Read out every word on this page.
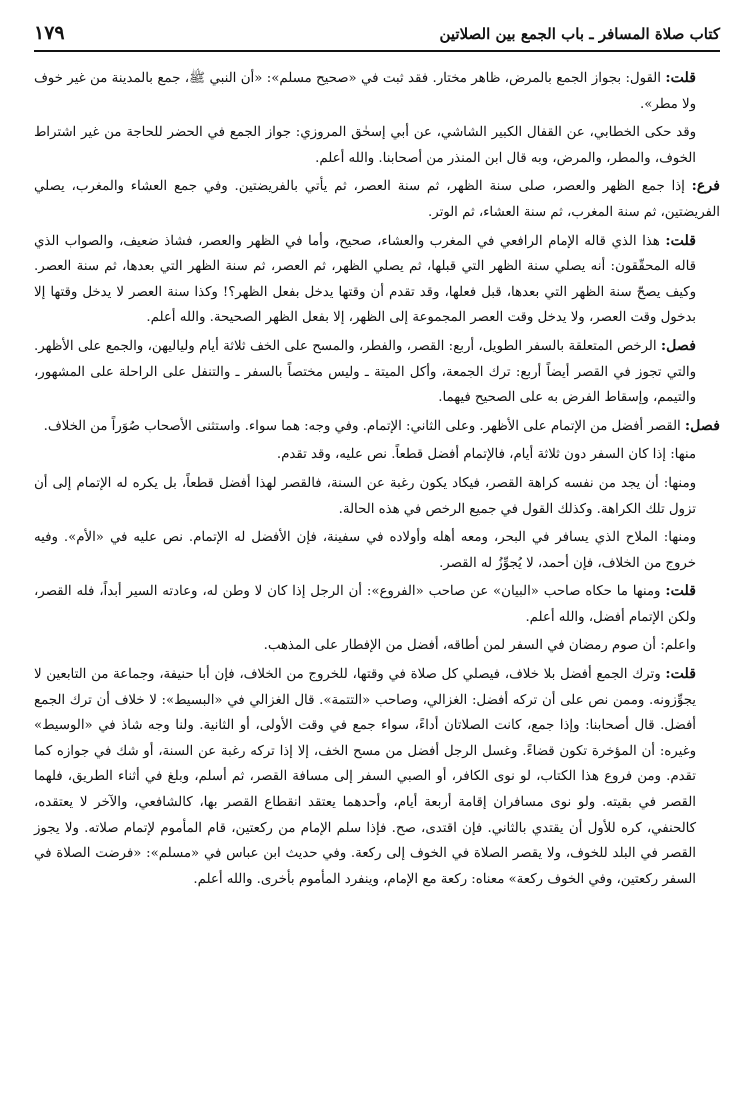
كتاب صلاة المسافر ـ باب الجمع بين الصلاتين
١٧٩

قلت: القول: بجواز الجمع بالمرض، ظاهر مختار. فقد ثبت في «صحيح مسلم»: «أن النبي ﷺ، جمع بالمدينة من غير خوف ولا مطر».

وقد حكى الخطابي، عن القفال الكبير الشاشي، عن أبي إسحٰق المروزي: جواز الجمع في الحضر للحاجة من غير اشتراط الخوف، والمطر، والمرض، وبه قال ابن المنذر من أصحابنا. والله أعلم.

فرع: إذا جمع الظهر والعصر، صلى سنة الظهر، ثم سنة العصر، ثم يأتي بالفريضتين. وفي جمع العشاء والمغرب، يصلي الفريضتين، ثم سنة المغرب، ثم سنة العشاء، ثم الوتر.

قلت: هذا الذي قاله الإمام الرافعي في المغرب والعشاء، صحيح، وأما في الظهر والعصر، فشاذ ضعيف، والصواب الذي قاله المحقّقون: أنه يصلي سنة الظهر التي قبلها، ثم يصلي الظهر، ثم العصر، ثم سنة الظهر التي بعدها، ثم سنة العصر. وكيف يصحّ سنة الظهر التي بعدها، قبل فعلها، وقد تقدم أن وقتها يدخل بفعل الظهر؟! وكذا سنة العصر لا يدخل وقتها إلا بدخول وقت العصر، ولا يدخل وقت العصر المجموعة إلى الظهر، إلا بفعل الظهر الصحيحة. والله أعلم.

فصل: الرخص المتعلقة بالسفر الطويل، أربع: القصر، والفطر، والمسح على الخف ثلاثة أيام ولياليهن، والجمع على الأظهر. والتي تجوز في القصر أيضاً أربع: ترك الجمعة، وأكل الميتة ـ وليس مختصاً بالسفر ـ والتنفل على الراحلة على المشهور، والتيمم، وإسقاط الفرض به على الصحيح فيهما.

فصل: القصر أفضل من الإتمام على الأظهر. وعلى الثاني: الإتمام. وفي وجه: هما سواء. واستثنى الأصحاب صُوَراً من الخلاف.

منها: إذا كان السفر دون ثلاثة أيام، فالإتمام أفضل قطعاً. نص عليه، وقد تقدم.

ومنها: أن يجد من نفسه كراهة القصر، فيكاد يكون رغبة عن السنة، فالقصر لهذا أفضل قطعاً، بل يكره له الإتمام إلى أن تزول تلك الكراهة. وكذلك القول في جميع الرخص في هذه الحالة.

ومنها: الملاح الذي يسافر في البحر، ومعه أهله وأولاده في سفينة، فإن الأفضل له الإتمام. نص عليه في «الأم». وفيه خروج من الخلاف، فإن أحمد، لا يُجوِّزُ له القصر.

قلت: ومنها ما حكاه صاحب «البيان» عن صاحب «الفروع»: أن الرجل إذا كان لا وطن له، وعادته السير أبداً، فله القصر، ولكن الإتمام أفضل، والله أعلم.

واعلم: أن صوم رمضان في السفر لمن أطاقه، أفضل من الإفطار على المذهب.

قلت: وترك الجمع أفضل بلا خلاف، فيصلي كل صلاة في وقتها، للخروج من الخلاف، فإن أبا حنيفة، وجماعة من التابعين لا يجوِّزونه. وممن نص على أن تركه أفضل: الغزالي، وصاحب «التتمة». قال الغزالي في «البسيط»: لا خلاف أن ترك الجمع أفضل. قال أصحابنا: وإذا جمع، كانت الصلاتان أداءً، سواء جمع في وقت الأولى، أو الثانية. ولنا وجه شاذ في «الوسيط» وغيره: أن المؤخرة تكون قضاءً. وغسل الرجل أفضل من مسح الخف، إلا إذا تركه رغبة عن السنة، أو شك في جوازه كما تقدم. ومن فروع هذا الكتاب، لو نوى الكافر، أو الصبي السفر إلى مسافة القصر، ثم أسلم، وبلغ في أثناء الطريق، فلهما القصر في بقيته. ولو نوى مسافران إقامة أربعة أيام، وأحدهما يعتقد انقطاع القصر بها، كالشافعي، والآخر لا يعتقده، كالحنفي، كره للأول أن يقتدي بالثاني. فإن اقتدى، صح. فإذا سلم الإمام من ركعتين، قام المأموم لإتمام صلاته. ولا يجوز القصر في البلد للخوف، ولا يقصر الصلاة في الخوف إلى ركعة. وفي حديث ابن عباس في «مسلم»: «فرضت الصلاة في السفر ركعتين، وفي الخوف ركعة» معناه: ركعة مع الإمام، وينفرد المأموم بأخرى. والله أعلم.
